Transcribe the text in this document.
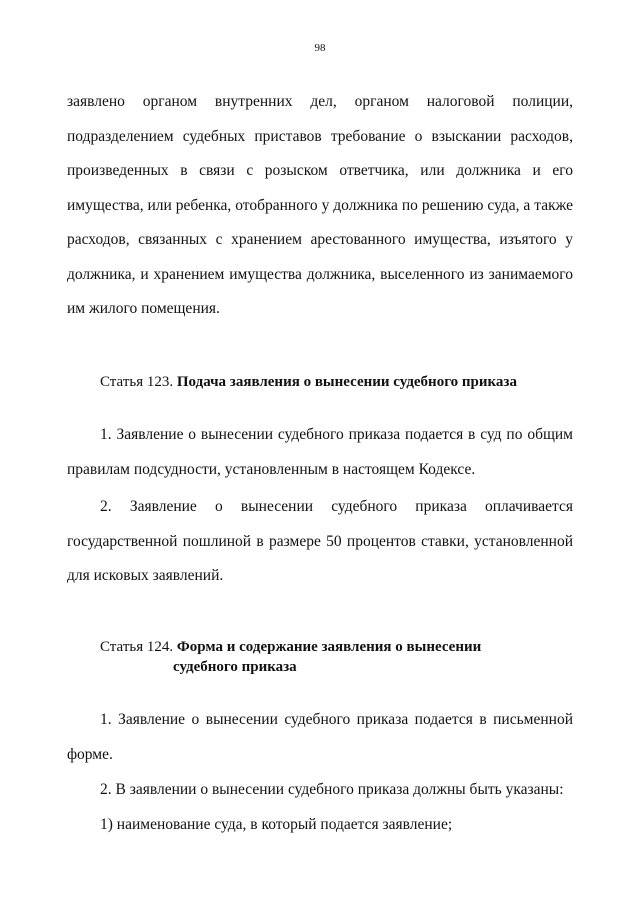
98
заявлено органом внутренних дел, органом налоговой полиции, подразделением судебных приставов требование о взыскании расходов, произведенных в связи с розыском ответчика, или должника и его имущества, или ребенка, отобранного у должника по решению суда, а также расходов, связанных с хранением арестованного имущества, изъятого у должника, и хранением имущества должника, выселенного из занимаемого им жилого помещения.
Статья 123. Подача заявления о вынесении судебного приказа
1. Заявление о вынесении судебного приказа подается в суд по общим правилам подсудности, установленным в настоящем Кодексе.
2. Заявление о вынесении судебного приказа оплачивается государственной пошлиной в размере 50 процентов ставки, установленной для исковых заявлений.
Статья 124. Форма и содержание заявления о вынесении
судебного приказа
1. Заявление о вынесении судебного приказа подается в письменной форме.
2. В заявлении о вынесении судебного приказа должны быть указаны:
1) наименование суда, в который подается заявление;
